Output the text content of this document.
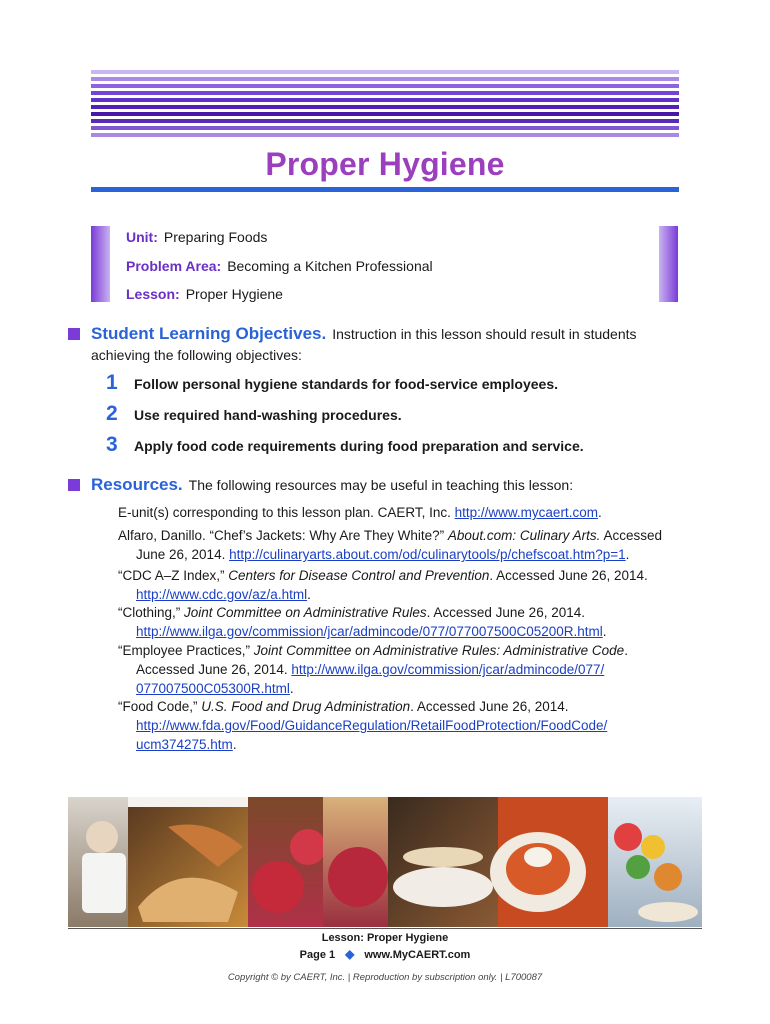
Proper Hygiene
Unit: Preparing Foods
Problem Area: Becoming a Kitchen Professional
Lesson: Proper Hygiene
Student Learning Objectives. Instruction in this lesson should result in students
achieving the following objectives:
1 Follow personal hygiene standards for food-service employees.
2 Use required hand-washing procedures.
3 Apply food code requirements during food preparation and service.
Resources. The following resources may be useful in teaching this lesson:
E-unit(s) corresponding to this lesson plan. CAERT, Inc. http://www.mycaert.com.
Alfaro, Danillo. “Chef’s Jackets: Why Are They White?” About.com: Culinary Arts. Accessed June 26, 2014. http://culinaryarts.about.com/od/culinarytools/p/chefscoat.htm?p=1.
“CDC A–Z Index,” Centers for Disease Control and Prevention. Accessed June 26, 2014. http://www.cdc.gov/az/a.html.
“Clothing,” Joint Committee on Administrative Rules. Accessed June 26, 2014. http://www.ilga.gov/commission/jcar/admincode/077/077007500C05200R.html.
“Employee Practices,” Joint Committee on Administrative Rules: Administrative Code. Accessed June 26, 2014. http://www.ilga.gov/commission/jcar/admincode/077/ 077007500C05300R.html.
“Food Code,” U.S. Food and Drug Administration. Accessed June 26, 2014. http://www.fda.gov/Food/GuidanceRegulation/RetailFoodProtection/FoodCode/ ucm374275.htm.
Lesson: Proper Hygiene
Page 1 ◆ www.MyCAERT.com
Copyright © by CAERT, Inc. | Reproduction by subscription only. | L700087
